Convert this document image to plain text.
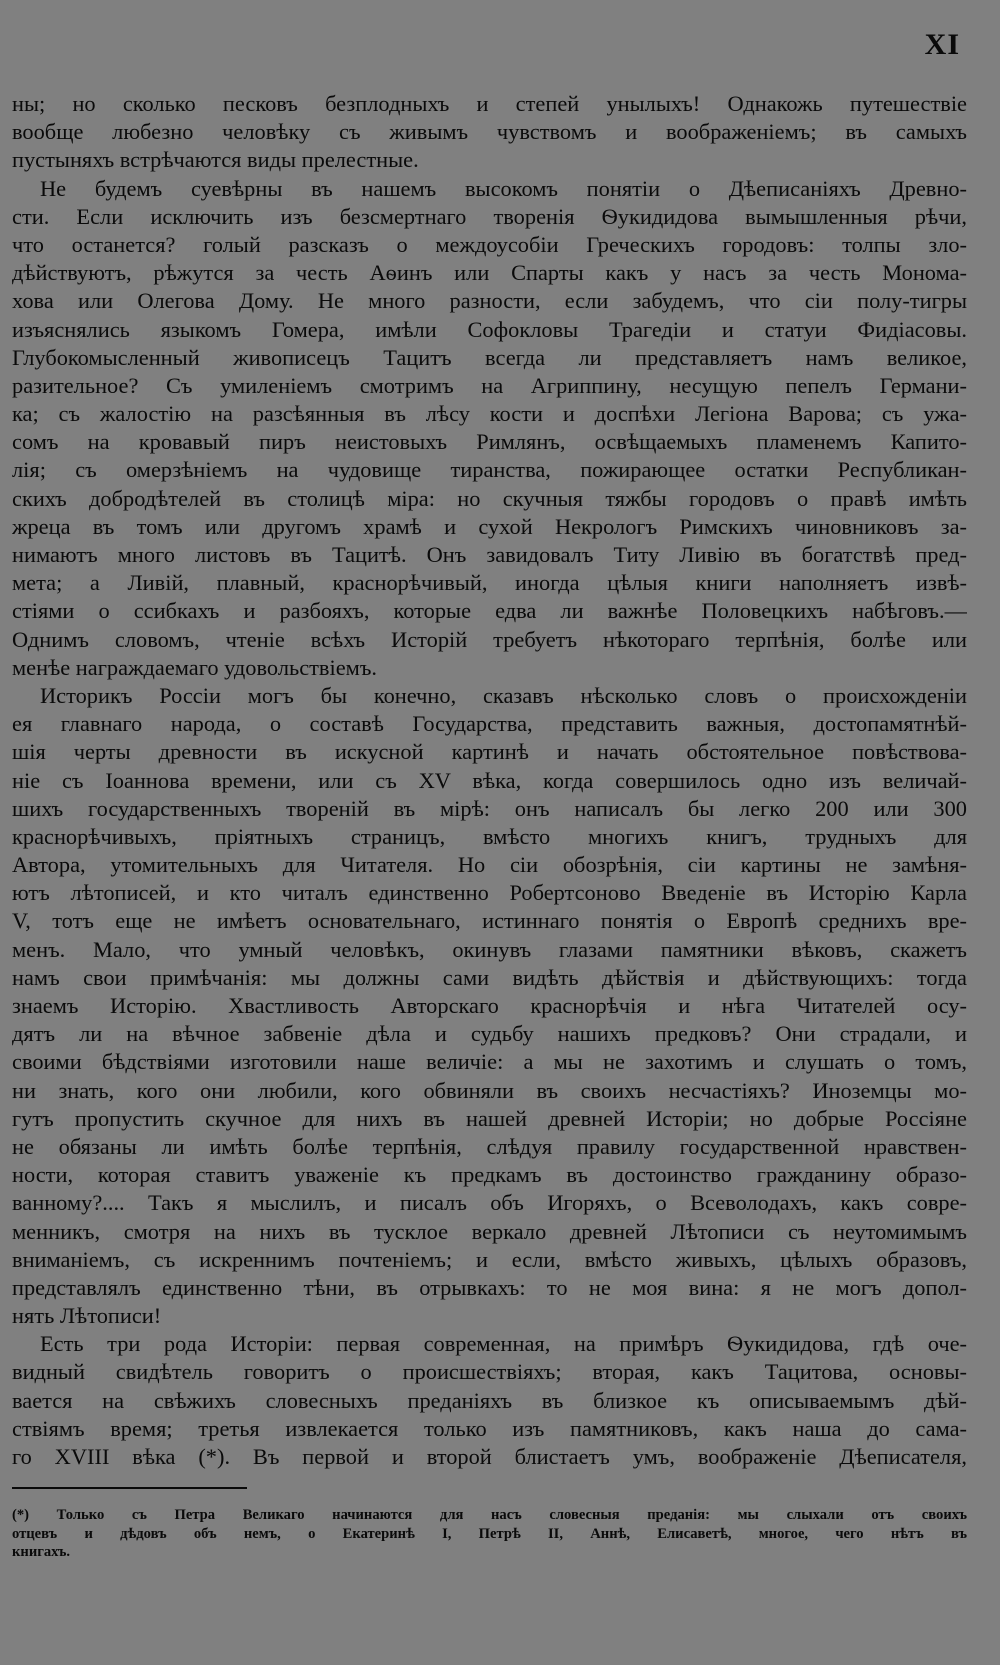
XI
ны; но сколько песковъ безплодныхъ и степей унылыхъ! Однакожь путешествіе
вообще любезно человѣку съ живымъ чувствомъ и воображеніемъ; въ самыхъ
пустыняхъ встрѣчаются виды прелестные.
Не будемъ суевѣрны въ нашемъ высокомъ понятіи о Дѣеписаніяхъ Древно-
сти. Если исключить изъ безсмертнаго творенія Ѳукидидова вымышленныя рѣчи,
что останется? голый разсказъ о междоусобіи Греческихъ городовъ: толпы зло-
дѣйствуютъ, рѣжутся за честь Аѳинъ или Спарты какъ у насъ за честь Монома-
хова или Олегова Дому. Не много разности, если забудемъ, что сіи полу-тигры
изъяснялись языкомъ Гомера, имѣли Софокловы Трагедіи и статуи Фидіасовы.
Глубокомысленный живописецъ Тацитъ всегда ли представляетъ намъ великое,
разительное? Съ умиленіемъ смотримъ на Агриппину, несущую пепелъ Германи-
ка; съ жалостію на разсѣянныя въ лѣсу кости и доспѣхи Легіона Варова; съ ужа-
сомъ на кровавый пиръ неистовыхъ Римлянъ, освѣщаемыхъ пламенемъ Капито-
лія; съ омерзѣніемъ на чудовище тиранства, пожирающее остатки Республикан-
скихъ добродѣтелей въ столицѣ міра: но скучныя тяжбы городовъ о правѣ имѣть
жреца въ томъ или другомъ храмѣ и сухой Некрологъ Римскихъ чиновниковъ за-
нимаютъ много листовъ въ Тацитѣ. Онъ завидовалъ Титу Ливію въ богатствѣ пред-
мета; а Ливій, плавный, краснорѣчивый, иногда цѣлыя книги наполняетъ извѣ-
стіями о ссибкахъ и разбояхъ, которые едва ли важнѣе Половецкихъ набѣговъ.—
Однимъ словомъ, чтеніе всѣхъ Исторій требуетъ нѣкотораго терпѣнія, болѣе или
менѣе награждаемаго удовольствіемъ.
Историкъ Россіи могъ бы конечно, сказавъ нѣсколько словъ о происхожденіи
ея главнаго народа, о составѣ Государства, представить важныя, достопамятнѣй-
шія черты древности въ искусной картинѣ и начать обстоятельное повѣствова-
ніе съ Іоаннова времени, или съ XV вѣка, когда совершилось одно изъ величай-
шихъ государственныхъ твореній въ мірѣ: онъ написалъ бы легко 200 или 300
краснорѣчивыхъ, пріятныхъ страницъ, вмѣсто многихъ книгъ, трудныхъ для
Автора, утомительныхъ для Читателя. Но сіи обозрѣнія, сіи картины не замѣня-
ютъ лѣтописей, и кто читалъ единственно Робертсоново Введеніе въ Исторію Карла
V, тотъ еще не имѣетъ основательнаго, истиннаго понятія о Европѣ среднихъ вре-
менъ. Мало, что умный человѣкъ, окинувъ глазами памятники вѣковъ, скажетъ
намъ свои примѣчанія: мы должны сами видѣть дѣйствія и дѣйствующихъ: тогда
знаемъ Исторію. Хвастливость Авторскаго краснорѣчія и нѣга Читателей осу-
дятъ ли на вѣчное забвеніе дѣла и судьбу нашихъ предковъ? Они страдали, и
своими бѣдствіями изготовили наше величіе: а мы не захотимъ и слушать о томъ,
ни знать, кого они любили, кого обвиняли въ своихъ несчастіяхъ? Иноземцы мо-
гутъ пропустить скучное для нихъ въ нашей древней Исторіи; но добрые Россіяне
не обязаны ли имѣть болѣе терпѣнія, слѣдуя правилу государственной нравствен-
ности, которая ставитъ уваженіе къ предкамъ въ достоинство гражданину образо-
ванному?.... Такъ я мыслилъ, и писалъ объ Игоряхъ, о Всеволодахъ, какъ совре-
менникъ, смотря на нихъ въ тусклое веркало древней Лѣтописи съ неутомимымъ
вниманіемъ, съ искреннимъ почтеніемъ; и если, вмѣсто живыхъ, цѣлыхъ образовъ,
представлялъ единственно тѣни, въ отрывкахъ: то не моя вина: я не могъ допол-
нять Лѣтописи!
Есть три рода Исторіи: первая современная, на примѣръ Ѳукидидова, гдѣ оче-
видный свидѣтель говоритъ о происшествіяхъ; вторая, какъ Тацитова, основы-
вается на свѣжихъ словесныхъ преданіяхъ въ близкое къ описываемымъ дѣй-
ствіямъ время; третья извлекается только изъ памятниковъ, какъ наша до сама-
го XVIII вѣка (*). Въ первой и второй блистаетъ умъ, воображеніе Дѣеписателя,
(*) Только съ Петра Великаго начинаются для насъ словесныя преданія: мы слыхали отъ своихъ
отцевъ и дѣдовъ объ немъ, о Екатеринѣ I, Петрѣ II, Аннѣ, Елисаветѣ, многое, чего нѣтъ въ
книгахъ.
